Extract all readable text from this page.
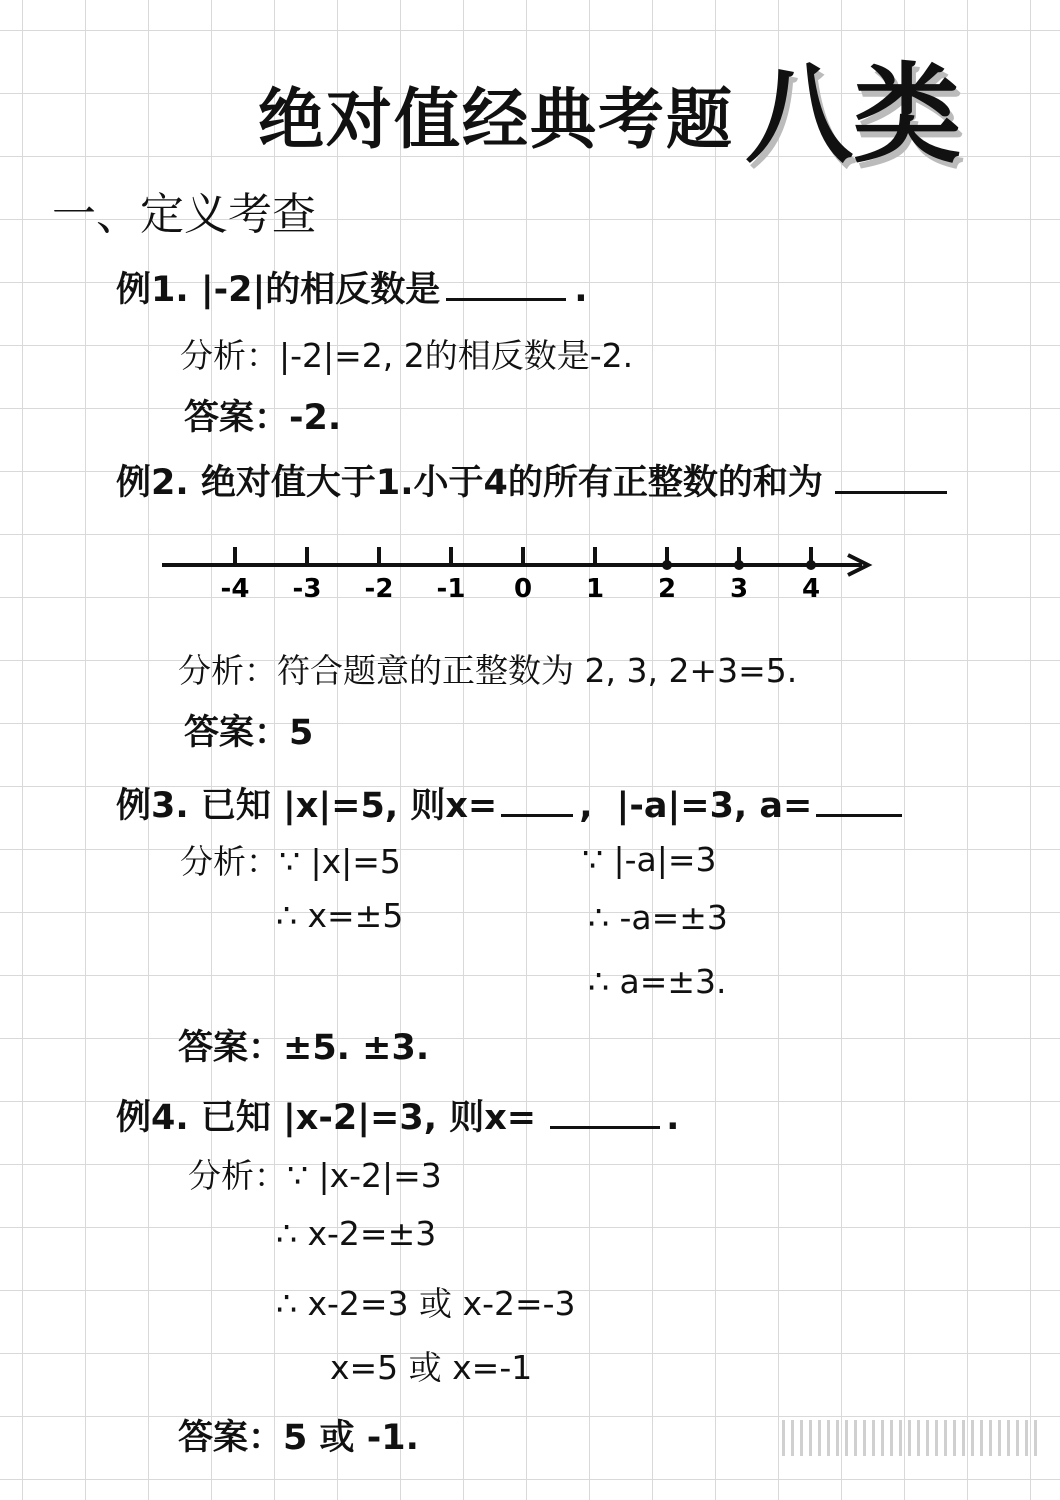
绝对值经典考题 八类
一、定义考查
例1. |-2|的相反数是	.
分析：|-2|=2, 2的相反数是-2.
答案：-2.
例2. 绝对值大于1.小于4的所有正整数的和为
-4 -3 -2 -1 0 1 2 3 4
分析：符合题意的正整数为 2, 3, 2+3=5.
答案：5
例3. 已知 |x|=5, 则x= , |-a|=3, a=
分析：∵ |x|=5
∴ x=±5
∵ |-a|=3
∴ -a=±3
∴ a=±3.
答案：±5. ±3.
例4. 已知 |x-2|=3, 则x=	.
分析：∵ |x-2|=3
∴ x-2=±3
∴ x-2=3 或 x-2=-3
x=5 或 x=-1
答案：5 或 -1.
